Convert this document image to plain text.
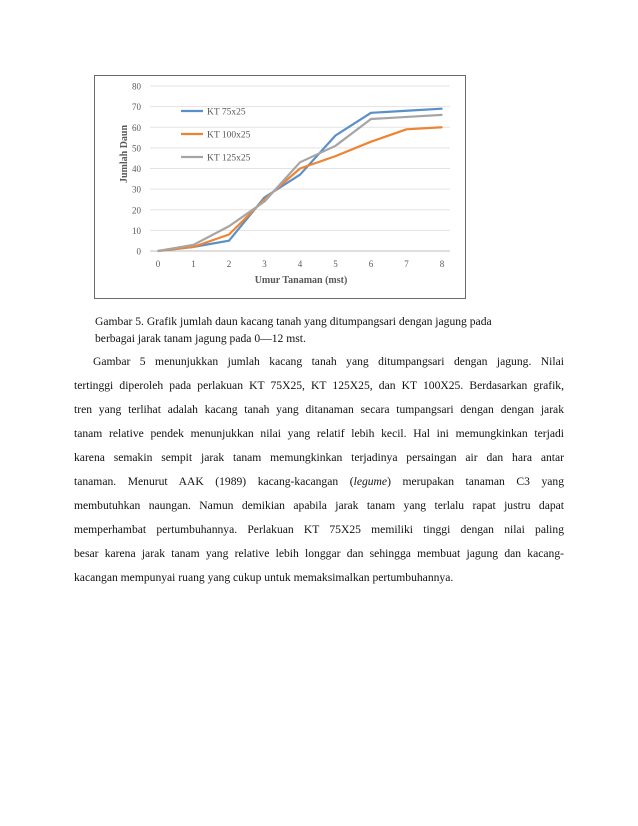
0
10
20
30
40
50
60
70
80
0	1	2	3	4	5	6	7	8
KT 75x25
KT 100x25
KT 125x25
Jumlah Daun
Umur Tanaman (mst)
Gambar 5. Grafik jumlah daun kacang tanah yang ditumpangsari dengan jagung pada
berbagai jarak tanam jagung pada 0—12 mst.
Gambar 5 menunjukkan jumlah kacang tanah yang ditumpangsari dengan jagung. Nilai
tertinggi diperoleh pada perlakuan KT 75X25, KT 125X25, dan KT 100X25. Berdasarkan grafik,
tren yang terlihat adalah kacang tanah yang ditanaman secara tumpangsari dengan dengan jarak
tanam relative pendek menunjukkan nilai yang relatif lebih kecil. Hal ini memungkinkan terjadi
karena semakin sempit jarak tanam memungkinkan terjadinya persaingan air dan hara antar
tanaman. Menurut AAK (1989) kacang-kacangan (legume) merupakan tanaman C3 yang
membutuhkan naungan. Namun demikian apabila jarak tanam yang terlalu rapat justru dapat
memperhambat pertumbuhannya. Perlakuan KT 75X25 memiliki tinggi dengan nilai paling
besar karena jarak tanam yang relative lebih longgar dan sehingga membuat jagung dan kacang-
kacangan mempunyai ruang yang cukup untuk memaksimalkan pertumbuhannya.
